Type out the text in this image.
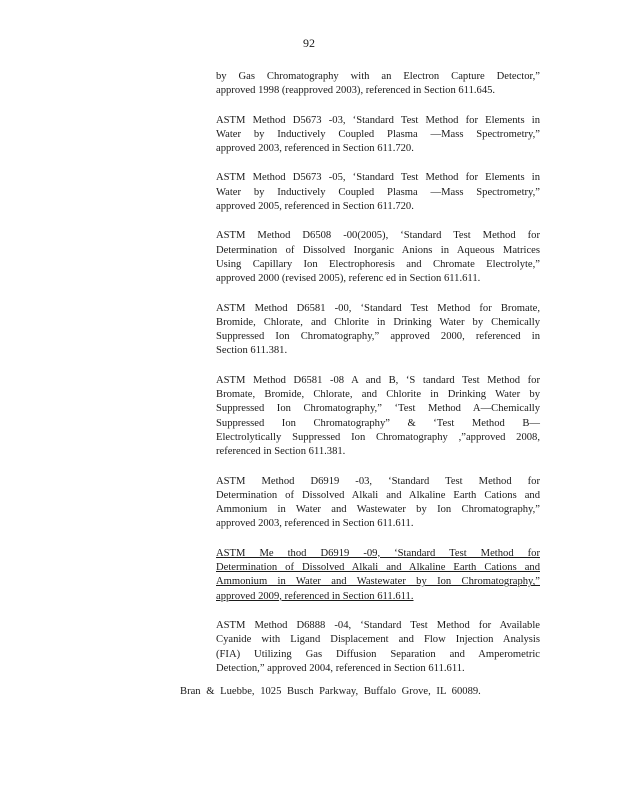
92
by Gas Chromatography with an Electron Capture Detector,”
approved 1998 (reapproved 2003), referenced in Section 611.645.
ASTM Method D5673 -03, ‘Standard Test Method for Elements in
Water by Inductively Coupled Plasma —Mass Spectrometry,”
approved 2003, referenced in Section 611.720.
ASTM Method D5673 -05, ‘Standard Test Method for Elements in
Water by Inductively Coupled Plasma —Mass Spectrometry,”
approved 2005, referenced in Section 611.720.
ASTM Method D6508 -00(2005), ‘Standard Test Method for
Determination of Dissolved Inorganic Anions in Aqueous Matrices
Using Capillary Ion Electrophoresis and Chromate Electrolyte,”
approved 2000 (revised 2005), referenc ed in Section 611.611.
ASTM Method D6581 -00, ‘Standard Test Method for Bromate,
Bromide, Chlorate, and Chlorite in Drinking Water by Chemically
Suppressed Ion Chromatography,” approved 2000, referenced in
Section 611.381.
ASTM Method D6581 -08 A and B, ‘S tandard Test Method for
Bromate, Bromide, Chlorate, and Chlorite in Drinking Water by
Suppressed Ion Chromatography,” ‘Test Method A—Chemically
Suppressed Ion Chromatography” & ‘Test Method B—
Electrolytically Suppressed Ion Chromatography ,”approved 2008,
referenced in Section 611.381.
ASTM Method D6919 -03, ‘Standard Test Method for
Determination of Dissolved Alkali and Alkaline Earth Cations and
Ammonium in Water and Wastewater by Ion Chromatography,”
approved 2003, referenced in Section 611.611.
ASTM Me thod D6919 -09, ‘Standard Test Method for
Determination of Dissolved Alkali and Alkaline Earth Cations and
Ammonium in Water and Wastewater by Ion Chromatography,”
approved 2009, referenced in Section 611.611.
ASTM Method D6888 -04, ‘Standard Test Method for Available
Cyanide with Ligand Displacement and Flow Injection Analysis
(FIA) Utilizing Gas Diffusion Separation and Amperometric
Detection,” approved 2004, referenced in Section 611.611.
Bran & Luebbe, 1025 Busch Parkway, Buffalo Grove, IL 60089.
